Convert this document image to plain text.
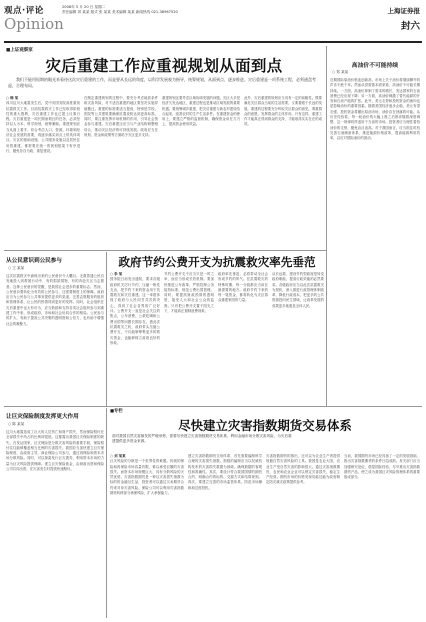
观点·评论
Opinion
2008年 5 月 20 日 星期二
责任编辑 刘 某某 版式 张 某某 美术编辑 某某 新闻热线 021-38967520	上海证券报
封六
■上证观察家
灾后重建工作应重视规划从面到点
我们不能用短期的眼光来看待这次灾后重建的工作，而是要从长远的角度，以科学发展观为指导，统筹规划，从面到点，逐步推进。灾后重建是一项系统工程，必须通盘考虑，合理布局。
○ 韩 某
四川汶川大地震发生后，党中央国务院高度重视抗震救灾工作。目前抗震救灾工作已经取得阶段性的重大胜利，灾后重建工作也已提上议事日程。灾后重建是一项长期而艰巨的任务，必须坚持以人为本，科学规划，统筹兼顾。重建规划应当从面上着手，综合考虑人口、资源、环境和经济社会发展的需要，再逐步落实到点上的具体项目。灾区的基础设施、公共服务设施以及居民住房的重建，都需要在统一的规划框架下有序进行，避免各自为政、重复建设。
在制定重建规划的过程中，要充分考虑地质条件和灾害风险，对不适宜重建的地区要坚决实施异地搬迁。重建的标准要适当提高，特别是学校、医院等公共建筑要确保抗震设防达到更高标准。同时，要注重发挥市场机制的作用，引导社会资金参与重建。灾后重建还应当与产业结构调整相结合，推动灾区经济的可持续发展。政府应当在规划、资金和政策等方面给予灾区更多支持。
重建规划还要考虑区域协调发展的问题。灾区大多是经济欠发达地区，重建过程也是推动区域发展的重要机遇。要统筹城乡重建，把灾后重建与新农村建设结合起来，改善农村的生产生活条件。在重建资金的使用上，要建立严格的监督机制，确保资金用在刀刃上，提高资金使用效益。
此外，灾后重建的规划应当具有一定的前瞻性。既要满足灾区群众当前的生活需要，又要着眼于长远的发展。重建的过程要充分听取灾区群众的意见，尊重群众的意愿，发挥群众的主体作用。只有这样，重建工作才能真正得到群众的支持，才能取得实实在在的成效。
高油价不可能持续
○ 郑 某某
近期国际原油价格连创新高，市场上关于油价将继续攀升的声音不绝于耳。然而从供需基本面来看，高油价不可能长期持续。一方面，高油价抑制了需求的增长，发达国家的石油消费已经出现下降；另一方面，高油价刺激了替代能源的开发和石油产能的扩张。此外，美元走势和投机资金的流向也是影响油价的重要因素。随着美国经济逐步企稳，美元有望走强，投机资金将撤出原油市场，油价存在回落的可能。从历史经验看，每一轮油价的大幅上涨之后都伴随着深度调整，这一规律同样适用于当前的市场。投资者应当理性看待油价的走势，避免盲目追高。对于我国而言，应当抓住时机完善石油储备体系，推进能源价格改革，提高能源利用效率，以应对国际油价的波动。
从公民意识到公民参与
○ 王 某某
这次抗震救灾中涌现出来的公民意识令人瞩目。无数普通公民自发地投入到救援行动中，有的捐款捐物，有的奔赴灾区当志愿者。这种公民意识的觉醒，是我国社会进步的重要标志。然而，公民意识要转化为有效的公民参与，还需要制度上的保障。政府应当为公民参与公共事务提供更多的渠道，完善志愿服务的组织和管理体系，让公民的热情得到更好的发挥。同时，社会组织在灾后重建中也大有可为，应当鼓励和支持各类社会组织参与到重建工作中来，形成政府、市场和社会协同合作的格局。公民参与的扩大，有助于提高公共决策的透明度和公信力，也有助于增强社会的凝聚力。
政府节约公费开支为抗震救灾率先垂范
○ 李 某
国务院日前发出通知，要求各级政府机关厉行节约，压缩一般性支出，把节约下来的资金用于抗震救灾和灾后重建。这一举措体现了政府与人民同甘共苦的决心，得到了社会各界的广泛好评。公费开支一直是社会关注的焦点，公车消费、公款吃喝和公费出国等问题长期存在。借此次抗震救灾之机，政府带头压缩公费开支，不仅能够筹集更多的救灾资金，也能够树立政府良好的形象。
节约公费开支不应当只是一时之举，而应当形成长效机制。要加快推进公车改革，严格控制公务接待标准，规范公费出国管理。同时，要提高财政预算的透明度，接受人大和社会公众的监督。只有把公费开支置于阳光之下，才能真正遏制浪费现象。
政府率先垂范，必将带动全社会形成节约的风气。在抗震救灾的特殊时期，每一分钱都应当用在最需要的地方。政府节约下来的每一笔资金，都将转化为灾区群众重建家园的力量。
从长远看，建设节约型政府是转变政府职能、提高行政效能的必然要求。各级政府应当以此次抗震救灾为契机，深入推进行政管理体制改革，降低行政成本，把更多的公共资源投向民生领域，让改革发展的成果更多地惠及全体人民。
让巨灾保险制度发挥更大作用
○ 陈 某某
汶川大地震造成了巨大的人员伤亡和财产损失，然而保险赔付在全部损失中所占的比例却很低。这暴露出我国巨灾保险制度的缺失。在发达国家，巨灾保险是分散灾害风险的重要手段，保险赔付往往能够覆盖相当比例的灾害损失。我国应当加快建立巨灾保险制度，由政府主导，商业保险公司参与，通过再保险和资本市场分散风险。同时，可以探索发行巨灾债券，利用资本市场的力量为巨灾风险提供保障。建立巨灾保险基金，由财政出资和保险公司共同出资，在灾害发生时提供快速赔付。
■专栏
尽快建立灾害指数期货交易体系
面对我国自然灾害频发的严峻形势，需要尽快建立灾害指数期货交易体系，利用金融市场分散灾害风险，为灾后重建提供更多资金来源。
○ 刘 某某
巨灾风险的分散是一个世界性的难题。传统的保险和再保险市场容量有限，难以承受巨额的灾害损失。而资本市场规模巨大，具有分散风险的天然优势。灾害指数期货是一种以灾害损失指数为标的的金融衍生品，投资者可以通过买卖期货合约来对冲灾害风险。保险公司可以利用灾害指数期货转移部分承保风险，扩大承保能力。
建立灾害指数期货交易体系，首先需要编制科学合理的灾害损失指数。指数的编制应当以权威机构发布的灾害损失数据为基础，确保数据的客观性和准确性。其次，要设计符合我国国情的期货合约，明确合约的标的、交割方式和结算规则。再次，要建立完善的市场监管体系，防范市场操纵和过度投机。
灾害指数期货的推出，还可以为农业生产者提供规避自然灾害风险的工具。我国是农业大国，农业生产受自然灾害的影响很大。通过灾害指数期货，农民和农业企业可以锁定灾害损失，稳定生产经营。期货市场的价格发现功能还能为政府制定防灾减灾政策提供参考。
当前，我国期货市场已经具备了一定的发展基础，推出灾害指数期货的条件日趋成熟。有关部门应当加强研究论证，借鉴国际经验，尽早推出灾害指数期货产品，使之成为我国巨灾风险管理体系的重要组成部分。
